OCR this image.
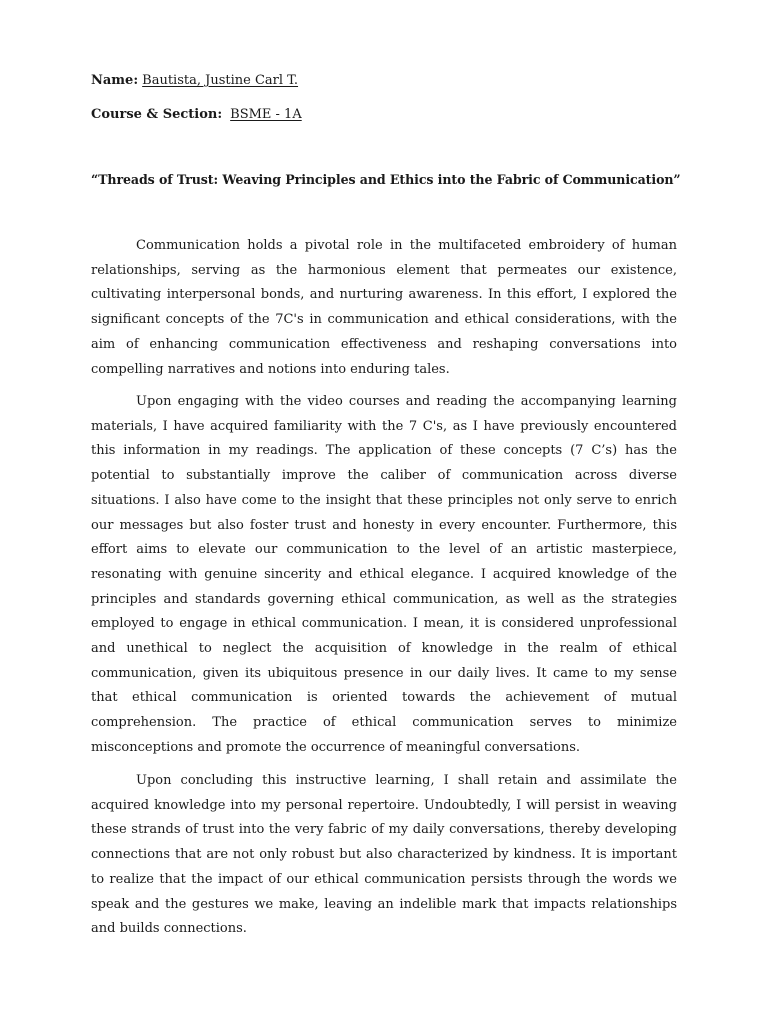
Name: Bautista, Justine Carl T.
Course & Section: BSME - 1A
“Threads of Trust: Weaving Principles and Ethics into the Fabric of Communication”

Communication holds a pivotal role in the multifaceted embroidery of human relationships, serving as the harmonious element that permeates our existence, cultivating interpersonal bonds, and nurturing awareness. In this effort, I explored the significant concepts of the 7C's in communication and ethical considerations, with the aim of enhancing communication effectiveness and reshaping conversations into compelling narratives and notions into enduring tales.

Upon engaging with the video courses and reading the accompanying learning materials, I have acquired familiarity with the 7 C's, as I have previously encountered this information in my readings. The application of these concepts (7 C’s) has the potential to substantially improve the caliber of communication across diverse situations. I also have come to the insight that these principles not only serve to enrich our messages but also foster trust and honesty in every encounter. Furthermore, this effort aims to elevate our communication to the level of an artistic masterpiece, resonating with genuine sincerity and ethical elegance. I acquired knowledge of the principles and standards governing ethical communication, as well as the strategies employed to engage in ethical communication. I mean, it is considered unprofessional and unethical to neglect the acquisition of knowledge in the realm of ethical communication, given its ubiquitous presence in our daily lives. It came to my sense that ethical communication is oriented towards the achievement of mutual comprehension. The practice of ethical communication serves to minimize misconceptions and promote the occurrence of meaningful conversations.

Upon concluding this instructive learning, I shall retain and assimilate the acquired knowledge into my personal repertoire. Undoubtedly, I will persist in weaving these strands of trust into the very fabric of my daily conversations, thereby developing connections that are not only robust but also characterized by kindness. It is important to realize that the impact of our ethical communication persists through the words we speak and the gestures we make, leaving an indelible mark that impacts relationships and builds connections.
